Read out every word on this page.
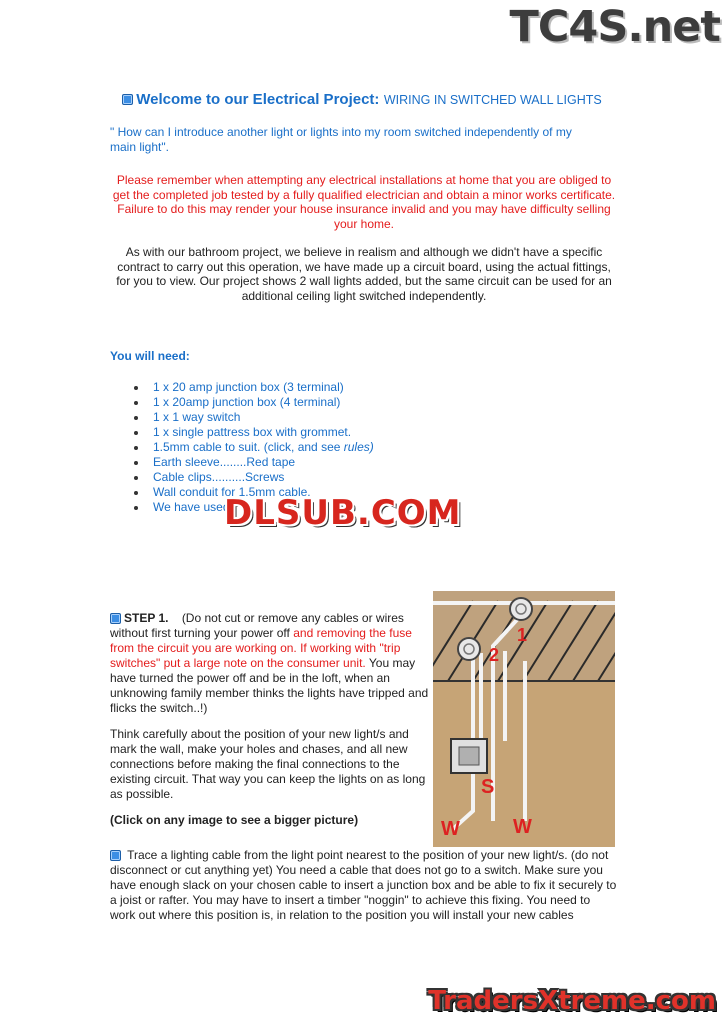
TC4S.net
Welcome to our Electrical Project: WIRING IN SWITCHED WALL LIGHTS
" How can I introduce another light or lights into my room switched independently of my main light".
Please remember when attempting any electrical installations at home that you are obliged to get the completed job tested by a fully qualified electrician and obtain a minor works certificate. Failure to do this may render your house insurance invalid and you may have difficulty selling your home.
As with our bathroom project, we believe in realism and although we didn't have a specific contract to carry out this operation, we have made up a circuit board, using the actual fittings, for you to view. Our project shows 2 wall lights added, but the same circuit can be used for an additional ceiling light switched independently.
You will need:
1 x 20 amp junction box (3 terminal)
1 x 20amp junction box (4 terminal)
1 x 1 way switch
1 x single pattress box with grommet.
1.5mm cable to suit. (click, and see rules)
Earth sleeve........Red tape
Cable clips..........Screws
Wall conduit for 1.5mm cable.
We have used
DLSUB.COM
STEP 1. (Do not cut or remove any cables or wires without first turning your power off and removing the fuse from the circuit you are working on. If working with "trip switches" put a large note on the consumer unit. You may have turned the power off and be in the loft, when an unknowing family member thinks the lights have tripped and flicks the switch..!)
Think carefully about the position of your new light/s and mark the wall, make your holes and chases, and all new connections before making the final connections to the existing circuit. That way you can keep the lights on as long as possible.
(Click on any image to see a bigger picture)
Trace a lighting cable from the light point nearest to the position of your new light/s. (do not disconnect or cut anything yet) You need a cable that does not go to a switch. Make sure you have enough slack on your chosen cable to insert a junction box and be able to fix it securely to a joist or rafter. You may have to insert a timber "noggin" to achieve this fixing. You need to work out where this position is, in relation to the position you will install your new cables
1
2
S
W	W
TradersXtreme.com
